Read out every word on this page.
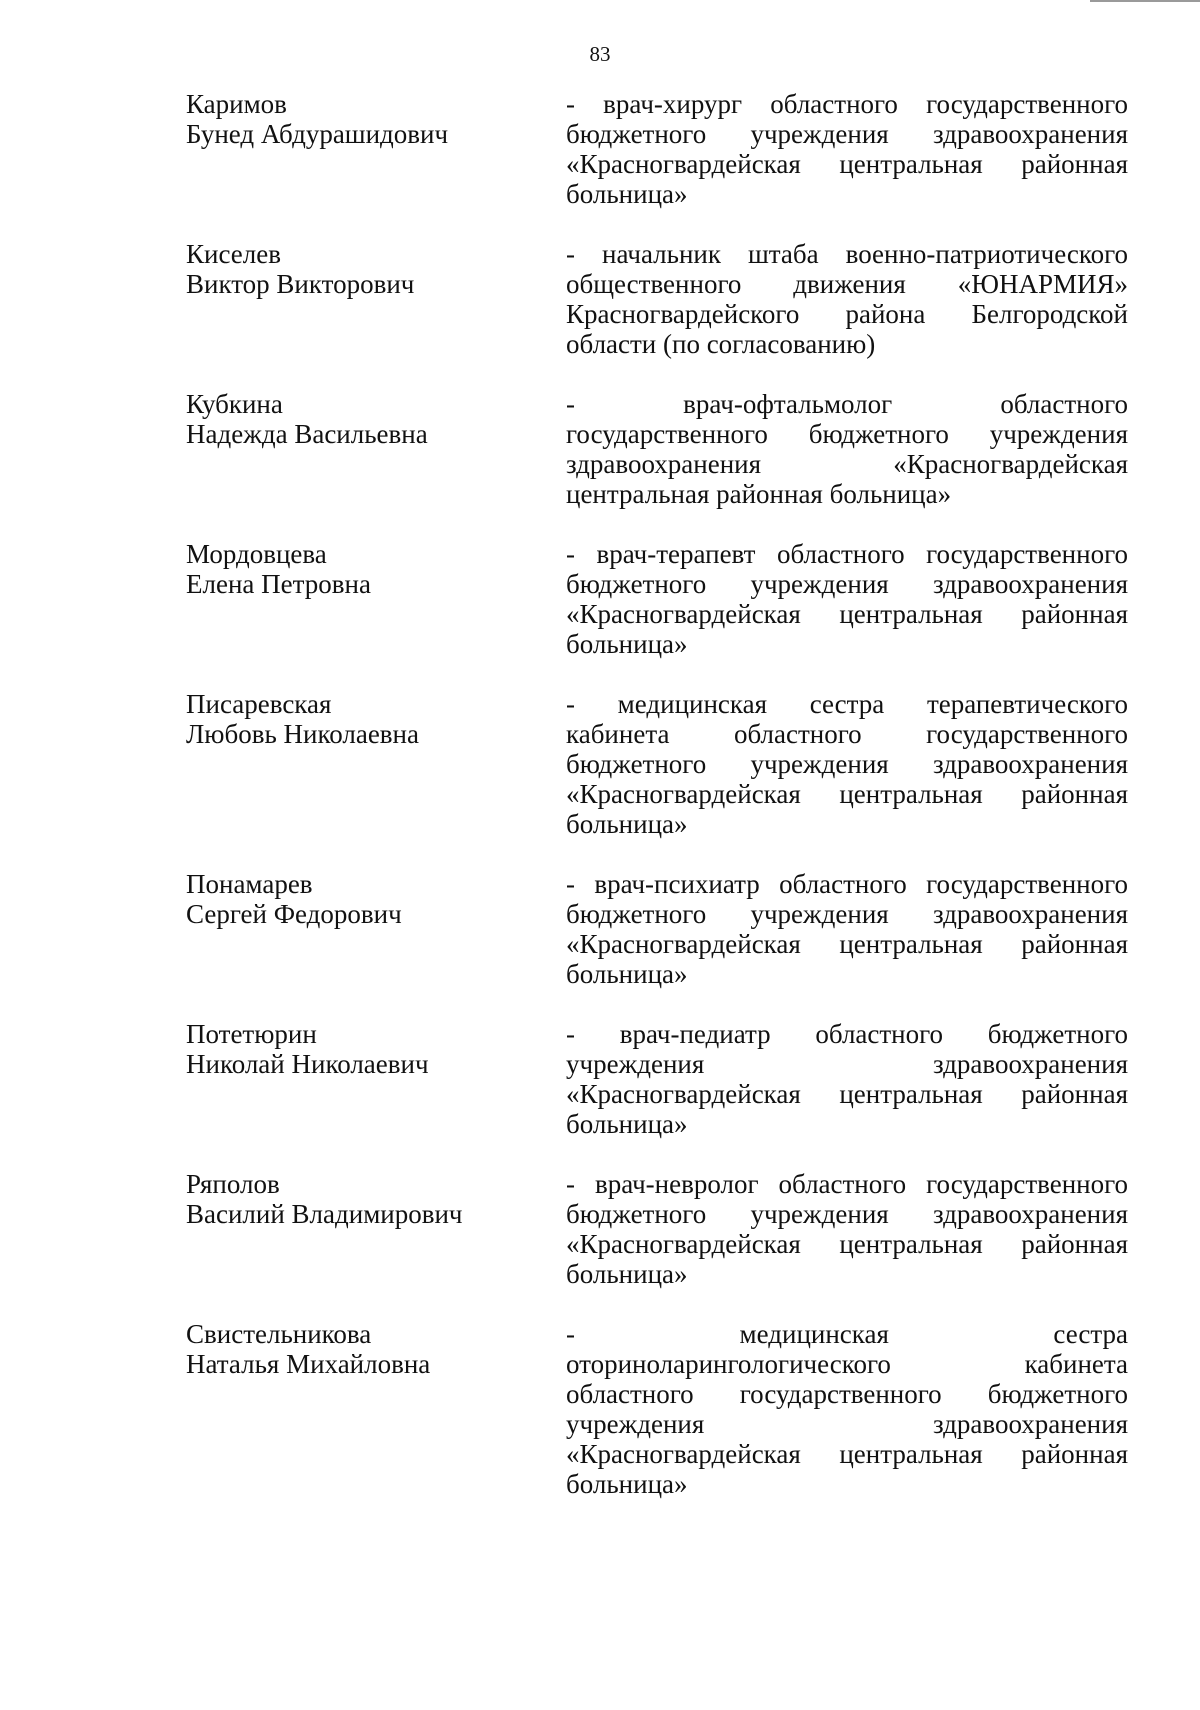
83
Каримов
Бунед Абдурашидович
- врач-хирург областного государственного
бюджетного учреждения здравоохранения
«Красногвардейская центральная районная
больница»
Киселев
Виктор Викторович
- начальник штаба военно-патриотического
общественного движения «ЮНАРМИЯ»
Красногвардейского района Белгородской
области (по согласованию)
Кубкина
Надежда Васильевна
- врач-офтальмолог областного
государственного бюджетного учреждения
здравоохранения «Красногвардейская
центральная районная больница»
Мордовцева
Елена Петровна
- врач-терапевт областного государственного
бюджетного учреждения здравоохранения
«Красногвардейская центральная районная
больница»
Писаревская
Любовь Николаевна
- медицинская сестра терапевтического
кабинета областного государственного
бюджетного учреждения здравоохранения
«Красногвардейская центральная районная
больница»
Понамарев
Сергей Федорович
- врач-психиатр областного государственного
бюджетного учреждения здравоохранения
«Красногвардейская центральная районная
больница»
Потетюрин
Николай Николаевич
- врач-педиатр областного бюджетного
учреждения здравоохранения
«Красногвардейская центральная районная
больница»
Ряполов
Василий Владимирович
- врач-невролог областного государственного
бюджетного учреждения здравоохранения
«Красногвардейская центральная районная
больница»
Свистельникова
Наталья Михайловна
- медицинская сестра
оториноларингологического кабинета
областного государственного бюджетного
учреждения здравоохранения
«Красногвардейская центральная районная
больница»
